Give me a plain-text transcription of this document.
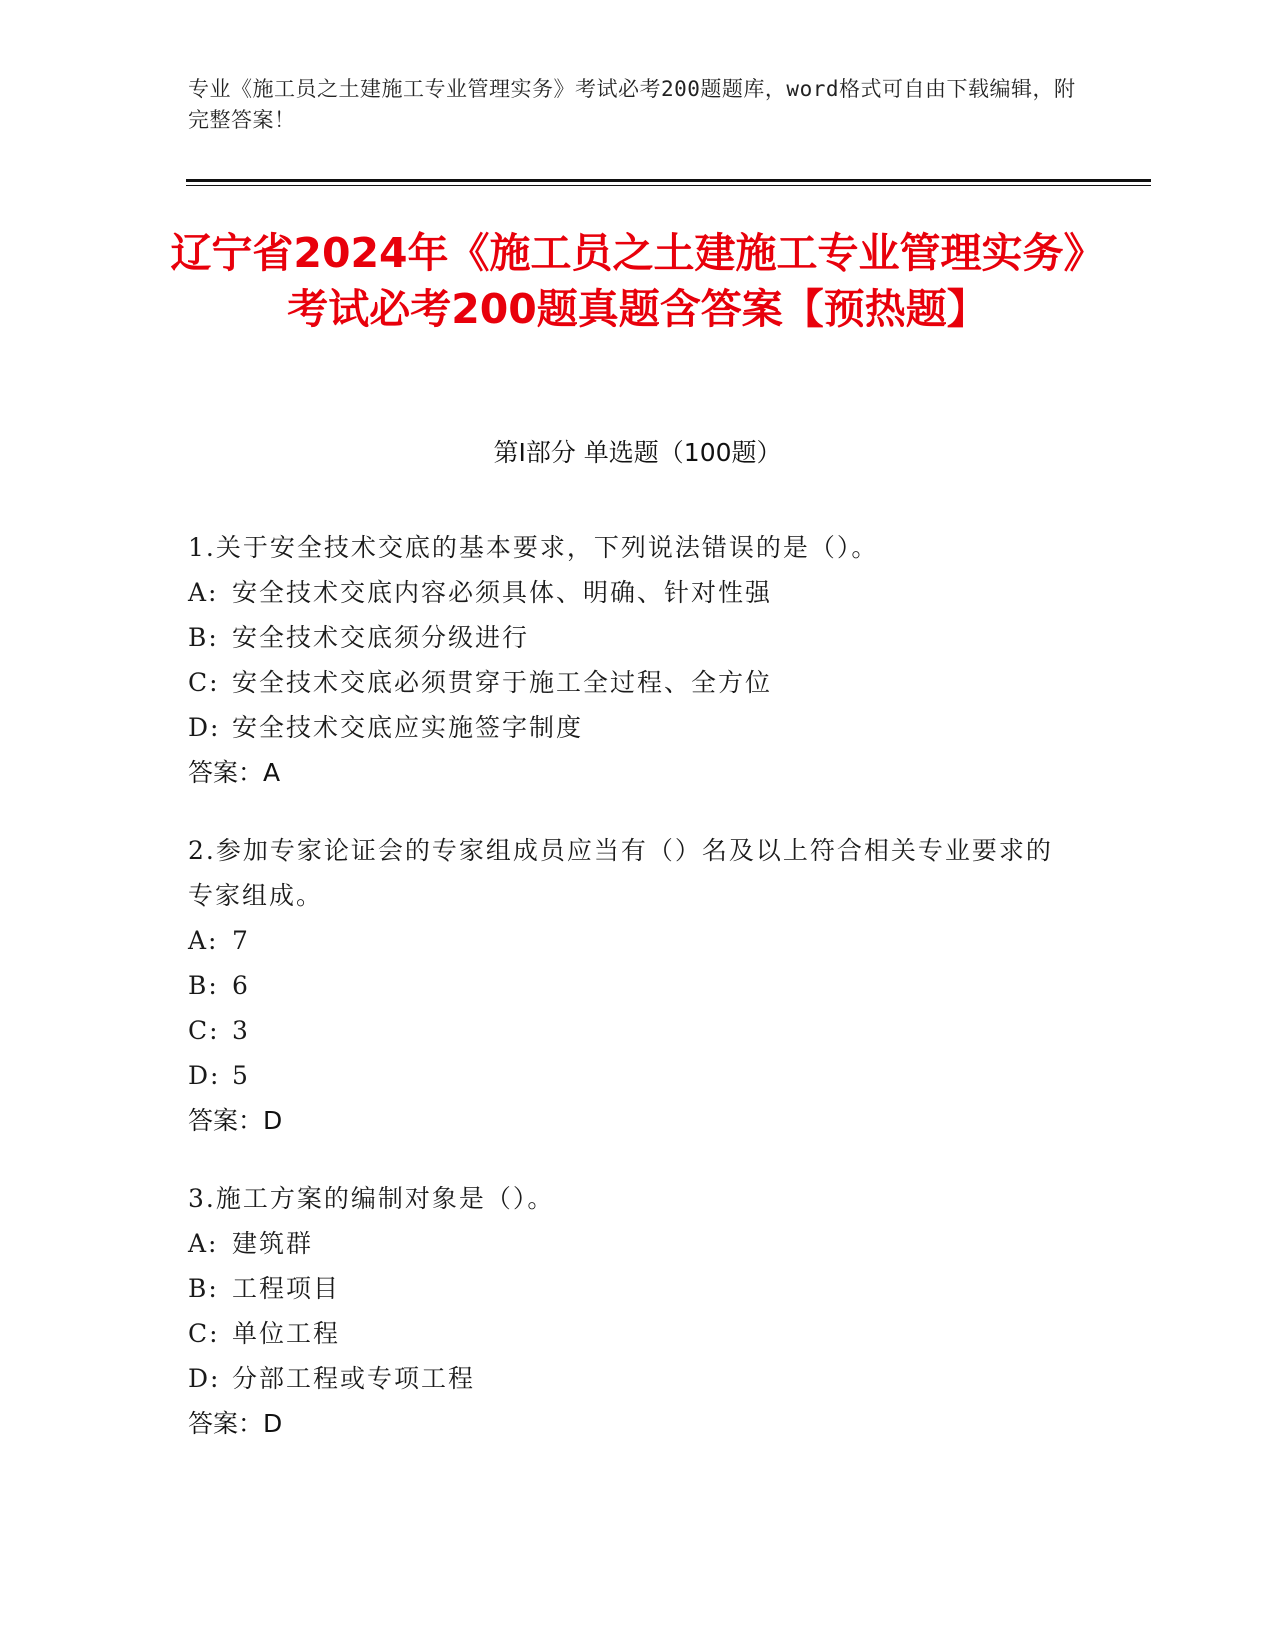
专业《施工员之土建施工专业管理实务》考试必考200题题库，word格式可自由下载编辑，附完整答案！
辽宁省2024年《施工员之土建施工专业管理实务》考试必考200题真题含答案【预热题】
第I部分 单选题（100题）
1.关于安全技术交底的基本要求，下列说法错误的是（）。
A: 安全技术交底内容必须具体、明确、针对性强
B: 安全技术交底须分级进行
C: 安全技术交底必须贯穿于施工全过程、全方位
D: 安全技术交底应实施签字制度
答案：A
2.参加专家论证会的专家组成员应当有（）名及以上符合相关专业要求的专家组成。
A: 7
B: 6
C: 3
D: 5
答案：D
3.施工方案的编制对象是（）。
A: 建筑群
B: 工程项目
C: 单位工程
D: 分部工程或专项工程
答案：D
